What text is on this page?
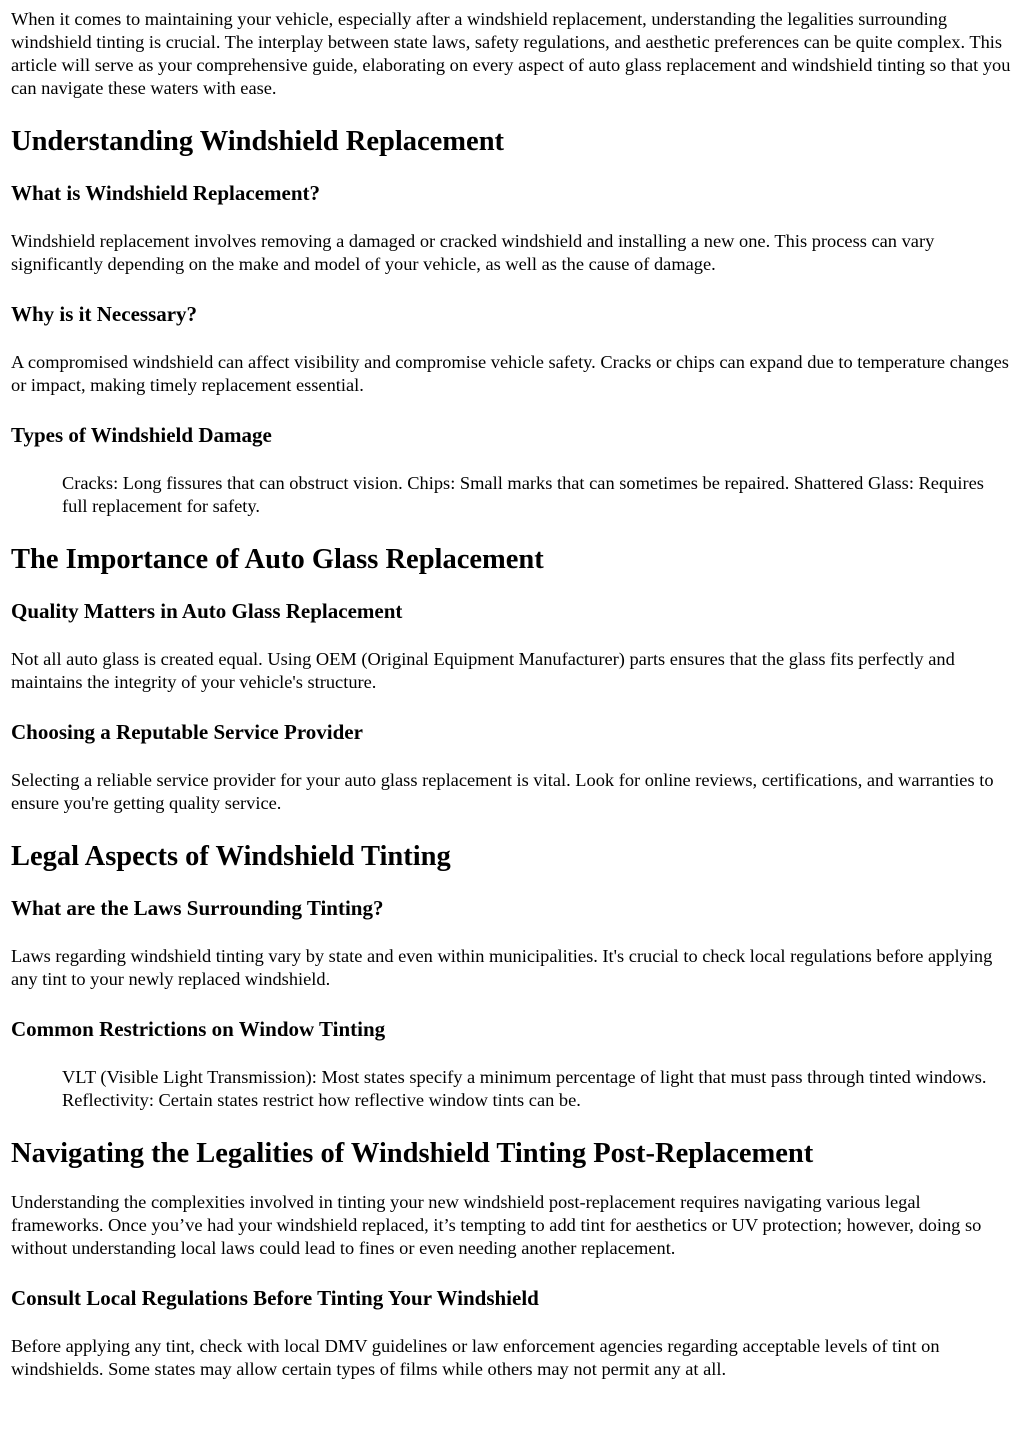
When it comes to maintaining your vehicle, especially after a windshield replacement, understanding the legalities surrounding windshield tinting is crucial. The interplay between state laws, safety regulations, and aesthetic preferences can be quite complex. This article will serve as your comprehensive guide, elaborating on every aspect of auto glass replacement and windshield tinting so that you can navigate these waters with ease.

Understanding Windshield Replacement
What is Windshield Replacement?

Windshield replacement involves removing a damaged or cracked windshield and installing a new one. This process can vary significantly depending on the make and model of your vehicle, as well as the cause of damage.

Why is it Necessary?

A compromised windshield can affect visibility and compromise vehicle safety. Cracks or chips can expand due to temperature changes or impact, making timely replacement essential.

Types of Windshield Damage

Cracks: Long fissures that can obstruct vision. Chips: Small marks that can sometimes be repaired. Shattered Glass: Requires full replacement for safety.

The Importance of Auto Glass Replacement
Quality Matters in Auto Glass Replacement

Not all auto glass is created equal. Using OEM (Original Equipment Manufacturer) parts ensures that the glass fits perfectly and maintains the integrity of your vehicle's structure.

Choosing a Reputable Service Provider

Selecting a reliable service provider for your auto glass replacement is vital. Look for online reviews, certifications, and warranties to ensure you're getting quality service.

Legal Aspects of Windshield Tinting
What are the Laws Surrounding Tinting?

Laws regarding windshield tinting vary by state and even within municipalities. It's crucial to check local regulations before applying any tint to your newly replaced windshield.

Common Restrictions on Window Tinting

VLT (Visible Light Transmission): Most states specify a minimum percentage of light that must pass through tinted windows. Reflectivity: Certain states restrict how reflective window tints can be.

Navigating the Legalities of Windshield Tinting Post-Replacement

Understanding the complexities involved in tinting your new windshield post-replacement requires navigating various legal frameworks. Once you’ve had your windshield replaced, it’s tempting to add tint for aesthetics or UV protection; however, doing so without understanding local laws could lead to fines or even needing another replacement.

Consult Local Regulations Before Tinting Your Windshield

Before applying any tint, check with local DMV guidelines or law enforcement agencies regarding acceptable levels of tint on windshields. Some states may allow certain types of films while others may not permit any at all.
